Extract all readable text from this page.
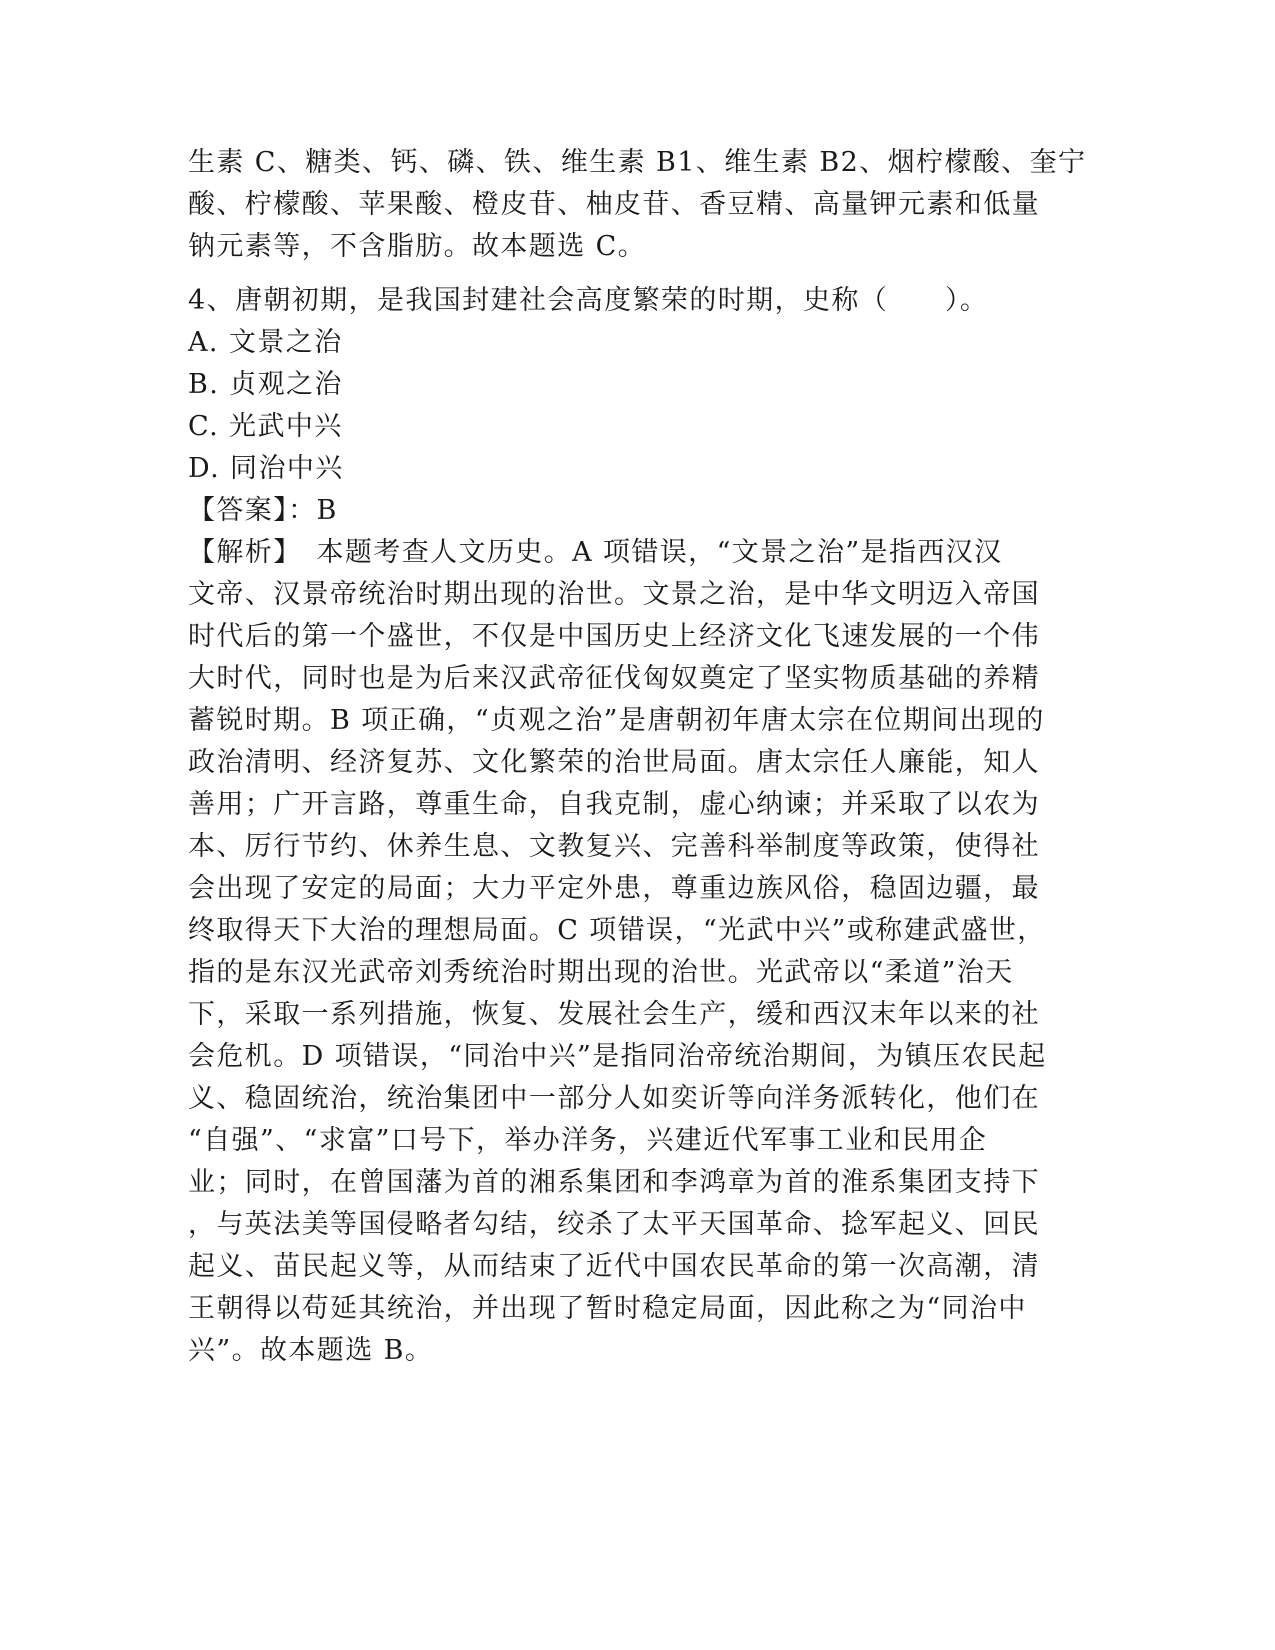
生素 C、糖类、钙、磷、铁、维生素 B1、维生素 B2、烟柠檬酸、奎宁
酸、柠檬酸、苹果酸、橙皮苷、柚皮苷、香豆精、高量钾元素和低量
钠元素等，不含脂肪。故本题选 C。
4、唐朝初期，是我国封建社会高度繁荣的时期，史称（　　）。
A. 文景之治
B. 贞观之治
C. 光武中兴
D. 同治中兴
【答案】：B
【解析】　本题考查人文历史。A 项错误，“文景之治”是指西汉汉
文帝、汉景帝统治时期出现的治世。文景之治，是中华文明迈入帝国
时代后的第一个盛世，不仅是中国历史上经济文化飞速发展的一个伟
大时代，同时也是为后来汉武帝征伐匈奴奠定了坚实物质基础的养精
蓄锐时期。B 项正确，“贞观之治”是唐朝初年唐太宗在位期间出现的
政治清明、经济复苏、文化繁荣的治世局面。唐太宗任人廉能，知人
善用；广开言路，尊重生命，自我克制，虚心纳谏；并采取了以农为
本、厉行节约、休养生息、文教复兴、完善科举制度等政策，使得社
会出现了安定的局面；大力平定外患，尊重边族风俗，稳固边疆，最
终取得天下大治的理想局面。C 项错误，“光武中兴”或称建武盛世，
指的是东汉光武帝刘秀统治时期出现的治世。光武帝以“柔道”治天
下，采取一系列措施，恢复、发展社会生产，缓和西汉末年以来的社
会危机。D 项错误，“同治中兴”是指同治帝统治期间，为镇压农民起
义、稳固统治，统治集团中一部分人如奕䜣等向洋务派转化，他们在
“自强”、“求富”口号下，举办洋务，兴建近代军事工业和民用企
业；同时，在曾国藩为首的湘系集团和李鸿章为首的淮系集团支持下
，与英法美等国侵略者勾结，绞杀了太平天国革命、捻军起义、回民
起义、苗民起义等，从而结束了近代中国农民革命的第一次高潮，清
王朝得以苟延其统治，并出现了暂时稳定局面，因此称之为“同治中
兴”。故本题选 B。
